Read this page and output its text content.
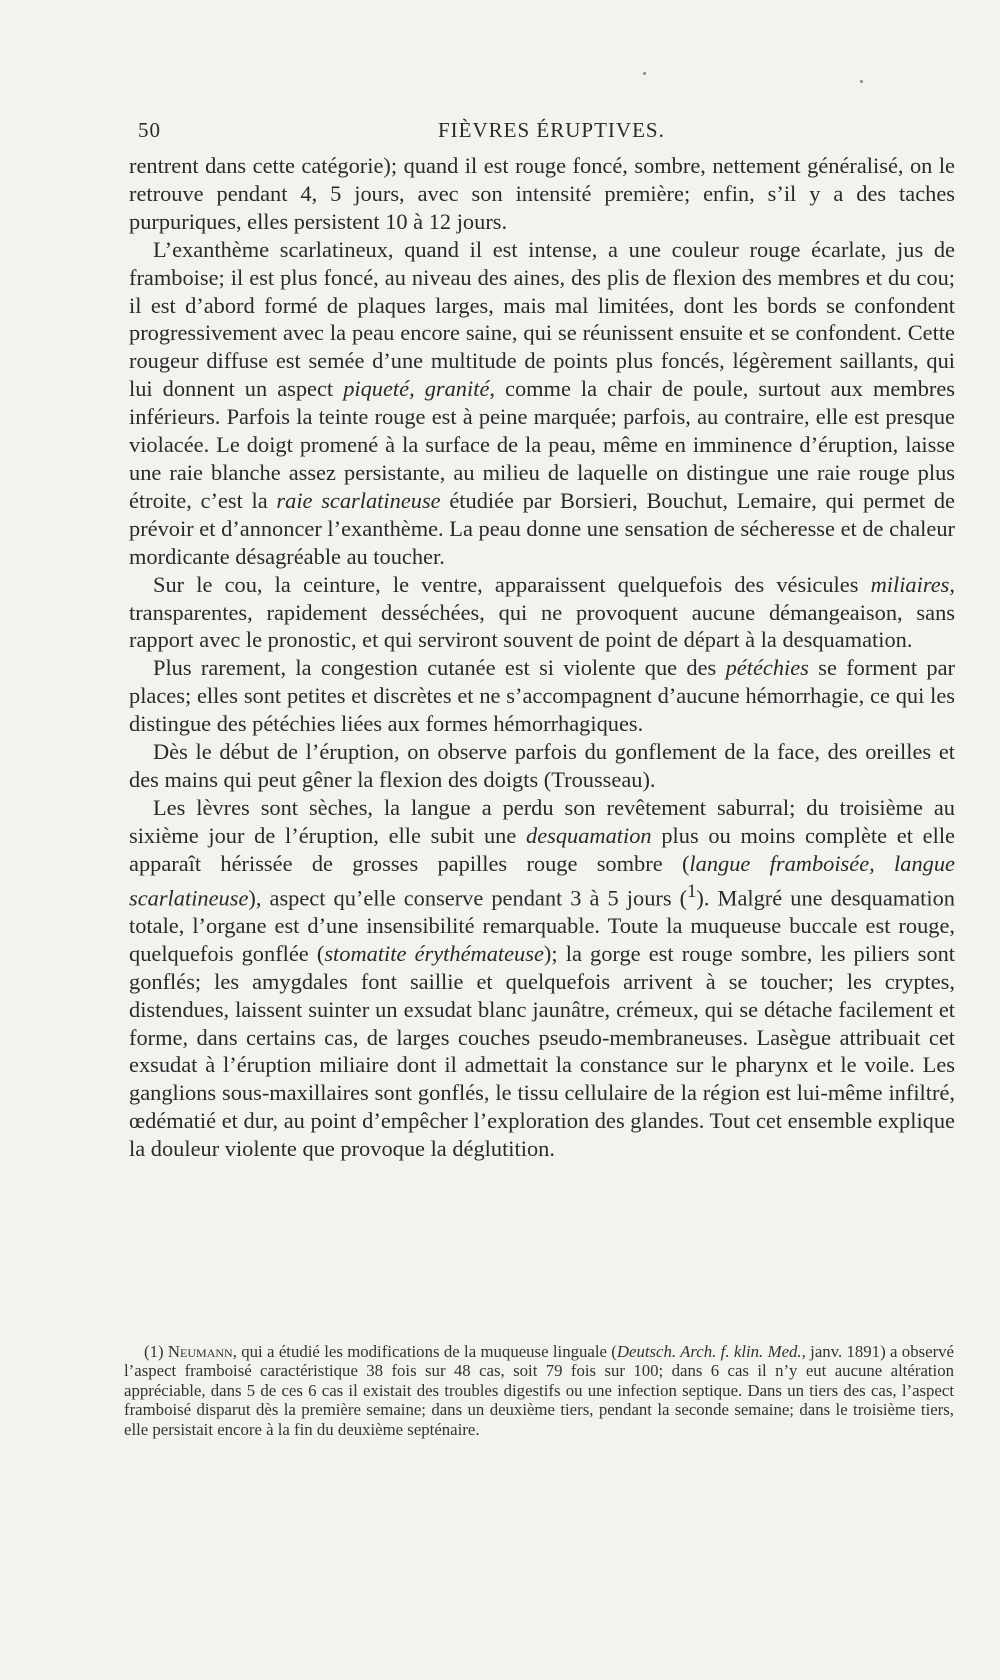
50	FIÈVRES ÉRUPTIVES.

rentrent dans cette catégorie); quand il est rouge foncé, sombre, nettement généralisé, on le retrouve pendant 4, 5 jours, avec son intensité première; enfin, s’il y a des taches purpuriques, elles persistent 10 à 12 jours.

L’exanthème scarlatineux, quand il est intense, a une couleur rouge écarlate, jus de framboise; il est plus foncé, au niveau des aines, des plis de flexion des membres et du cou; il est d’abord formé de plaques larges, mais mal limitées, dont les bords se confondent progressivement avec la peau encore saine, qui se réunissent ensuite et se confondent. Cette rougeur diffuse est semée d’une multitude de points plus foncés, légèrement saillants, qui lui donnent un aspect piqueté, granité, comme la chair de poule, surtout aux membres inférieurs. Parfois la teinte rouge est à peine marquée; parfois, au contraire, elle est presque violacée. Le doigt promené à la surface de la peau, même en imminence d’éruption, laisse une raie blanche assez persistante, au milieu de laquelle on distingue une raie rouge plus étroite, c’est la raie scarlatineuse étudiée par Borsieri, Bouchut, Lemaire, qui permet de prévoir et d’annoncer l’exanthème. La peau donne une sensation de sécheresse et de chaleur mordicante désagréable au toucher.

Sur le cou, la ceinture, le ventre, apparaissent quelquefois des vésicules miliaires, transparentes, rapidement desséchées, qui ne provoquent aucune démangeaison, sans rapport avec le pronostic, et qui serviront souvent de point de départ à la desquamation.

Plus rarement, la congestion cutanée est si violente que des pétéchies se forment par places; elles sont petites et discrètes et ne s’accompagnent d’aucune hémorrhagie, ce qui les distingue des pétéchies liées aux formes hémorrhagiques.

Dès le début de l’éruption, on observe parfois du gonflement de la face, des oreilles et des mains qui peut gêner la flexion des doigts (Trousseau).

Les lèvres sont sèches, la langue a perdu son revêtement saburral; du troisième au sixième jour de l’éruption, elle subit une desquamation plus ou moins complète et elle apparaît hérissée de grosses papilles rouge sombre (langue framboisée, langue scarlatineuse), aspect qu’elle conserve pendant 3 à 5 jours ($^1$). Malgré une desquamation totale, l’organe est d’une insensibilité remarquable. Toute la muqueuse buccale est rouge, quelquefois gonflée (stomatite érythémateuse); la gorge est rouge sombre, les piliers sont gonflés; les amygdales font saillie et quelquefois arrivent à se toucher; les cryptes, distendues, laissent suinter un exsudat blanc jaunâtre, crémeux, qui se détache facilement et forme, dans certains cas, de larges couches pseudo-membraneuses. Lasègue attribuait cet exsudat à l’éruption miliaire dont il admettait la constance sur le pharynx et le voile. Les ganglions sous-maxillaires sont gonflés, le tissu cellulaire de la région est lui-même infiltré, œdématié et dur, au point d’empêcher l’exploration des glandes. Tout cet ensemble explique la douleur violente que provoque la déglutition.

(1) Neumann, qui a étudié les modifications de la muqueuse linguale (Deutsch. Arch. f. klin. Med., janv. 1891) a observé l’aspect framboisé caractéristique 38 fois sur 48 cas, soit 79 fois sur 100; dans 6 cas il n’y eut aucune altération appréciable, dans 5 de ces 6 cas il existait des troubles digestifs ou une infection septique. Dans un tiers des cas, l’aspect framboisé disparut dès la première semaine; dans un deuxième tiers, pendant la seconde semaine; dans le troisième tiers, elle persistait encore à la fin du deuxième septénaire.
